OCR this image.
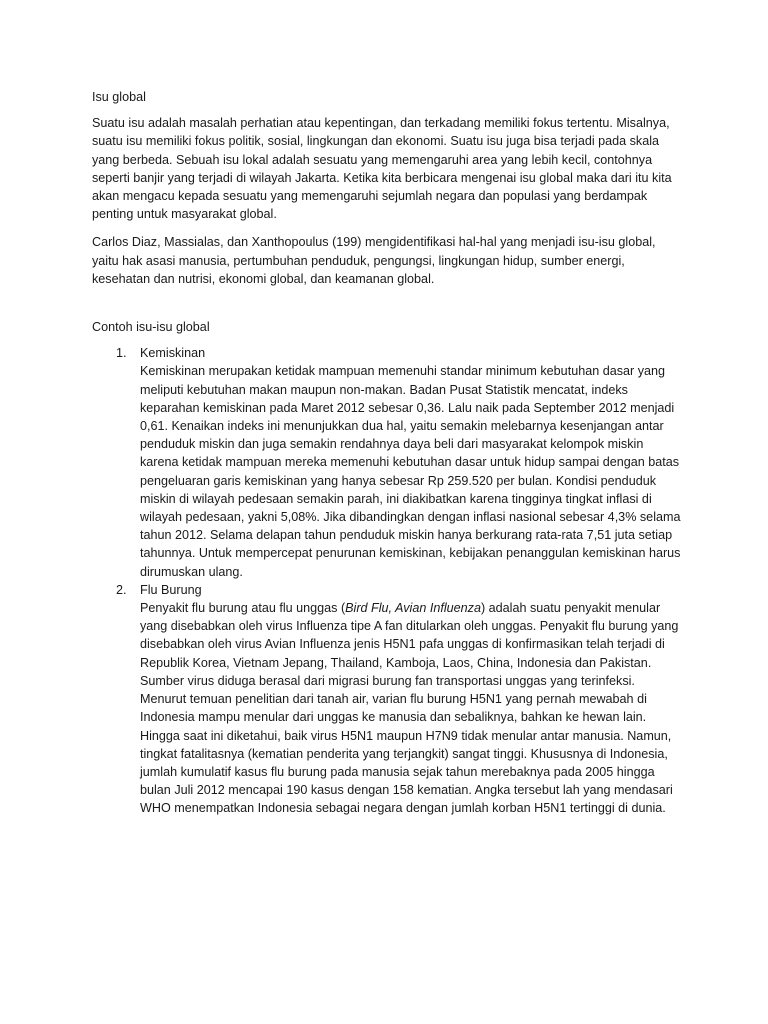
Isu global

Suatu isu adalah masalah perhatian atau kepentingan, dan terkadang memiliki fokus tertentu. Misalnya, suatu isu memiliki fokus politik, sosial, lingkungan dan ekonomi. Suatu isu juga bisa terjadi pada skala yang berbeda. Sebuah isu lokal adalah sesuatu yang memengaruhi area yang lebih kecil, contohnya seperti banjir yang terjadi di wilayah Jakarta. Ketika kita berbicara mengenai isu global maka dari itu kita akan mengacu kepada sesuatu yang memengaruhi sejumlah negara dan populasi yang berdampak penting untuk masyarakat global.

Carlos Diaz, Massialas, dan Xanthopoulus (199) mengidentifikasi hal-hal yang menjadi isu-isu global, yaitu hak asasi manusia, pertumbuhan penduduk, pengungsi, lingkungan hidup, sumber energi, kesehatan dan nutrisi, ekonomi global, dan keamanan global.

Contoh isu-isu global
1. Kemiskinan
Kemiskinan merupakan ketidak mampuan memenuhi standar minimum kebutuhan dasar yang meliputi kebutuhan makan maupun non-makan. Badan Pusat Statistik mencatat, indeks keparahan kemiskinan pada Maret 2012 sebesar 0,36. Lalu naik pada September 2012 menjadi 0,61. Kenaikan indeks ini menunjukkan dua hal, yaitu semakin melebarnya kesenjangan antar penduduk miskin dan juga semakin rendahnya daya beli dari masyarakat kelompok miskin karena ketidak mampuan mereka memenuhi kebutuhan dasar untuk hidup sampai dengan batas pengeluaran garis kemiskinan yang hanya sebesar Rp 259.520 per bulan. Kondisi penduduk miskin di wilayah pedesaan semakin parah, ini diakibatkan karena tingginya tingkat inflasi di wilayah pedesaan, yakni 5,08%. Jika dibandingkan dengan inflasi nasional sebesar 4,3% selama tahun 2012. Selama delapan tahun penduduk miskin hanya berkurang rata-rata 7,51 juta setiap tahunnya. Untuk mempercepat penurunan kemiskinan, kebijakan penanggulan kemiskinan harus dirumuskan ulang.
2. Flu Burung
Penyakit flu burung atau flu unggas (Bird Flu, Avian Influenza) adalah suatu penyakit menular yang disebabkan oleh virus Influenza tipe A fan ditularkan oleh unggas. Penyakit flu burung yang disebabkan oleh virus Avian Influenza jenis H5N1 pafa unggas di konfirmasikan telah terjadi di Republik Korea, Vietnam Jepang, Thailand, Kamboja, Laos, China, Indonesia dan Pakistan. Sumber virus diduga berasal dari migrasi burung fan transportasi unggas yang terinfeksi. Menurut temuan penelitian dari tanah air, varian flu burung H5N1 yang pernah mewabah di Indonesia mampu menular dari unggas ke manusia dan sebaliknya, bahkan ke hewan lain. Hingga saat ini diketahui, baik virus H5N1 maupun H7N9 tidak menular antar manusia. Namun, tingkat fatalitasnya (kematian penderita yang terjangkit) sangat tinggi. Khususnya di Indonesia, jumlah kumulatif kasus flu burung pada manusia sejak tahun merebaknya pada 2005 hingga bulan Juli 2012 mencapai 190 kasus dengan 158 kematian. Angka tersebut lah yang mendasari WHO menempatkan Indonesia sebagai negara dengan jumlah korban H5N1 tertinggi di dunia.
